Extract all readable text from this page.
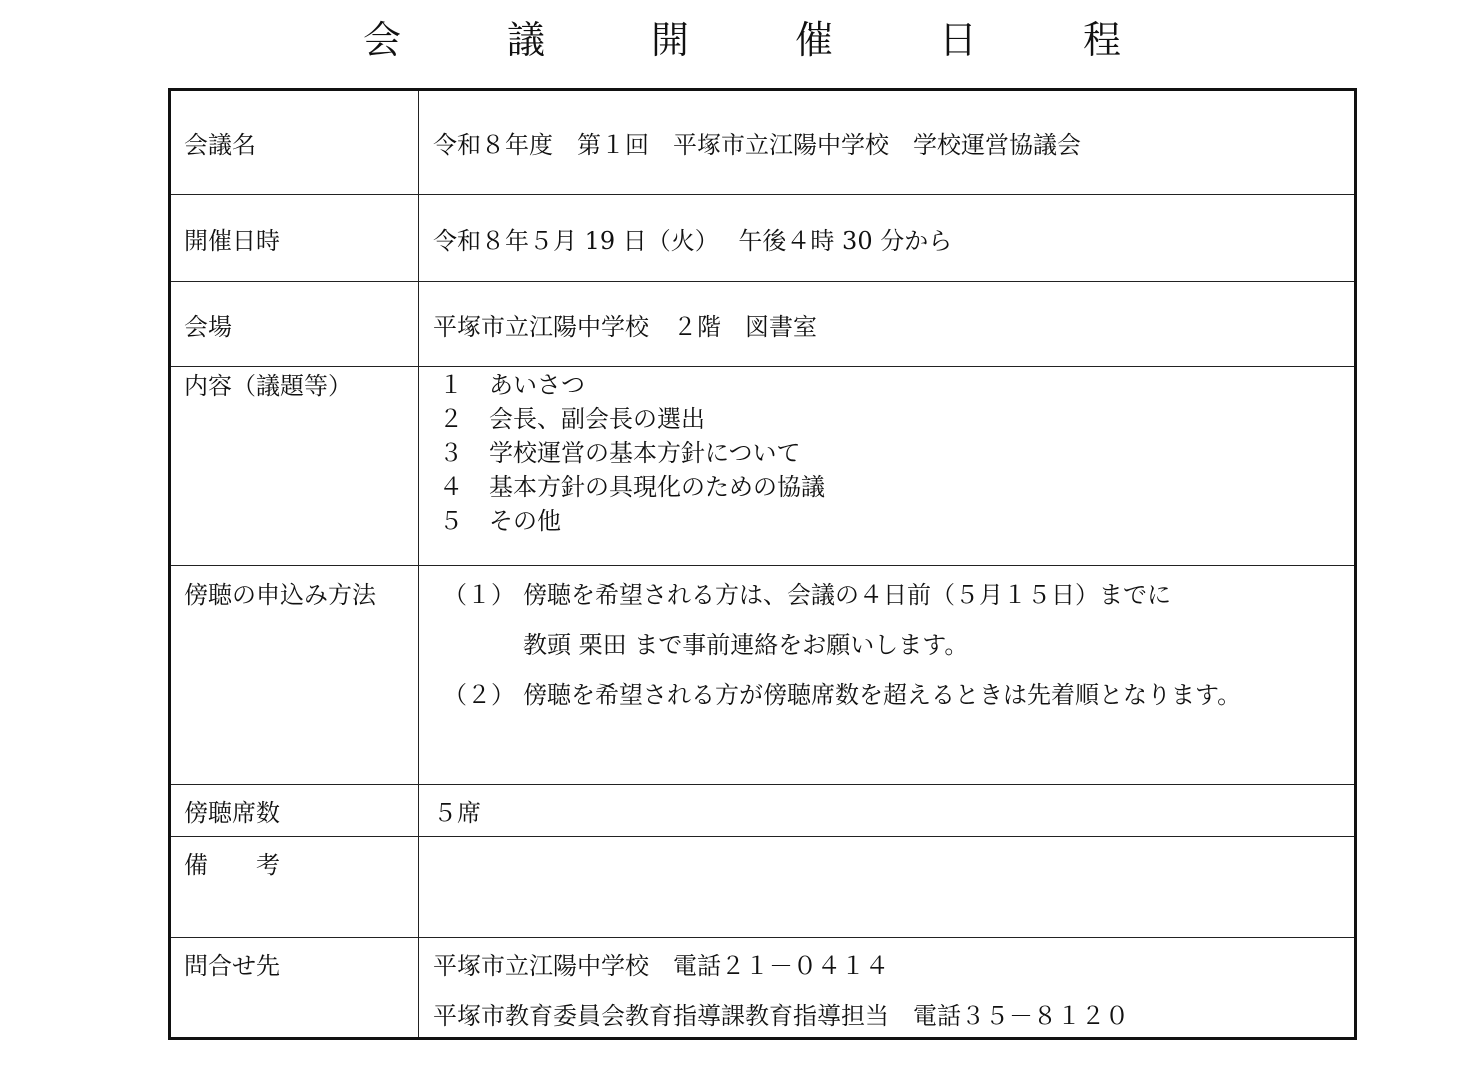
会　議　開　催　日　程
会議名	令和８年度　第１回　平塚市立江陽中学校　学校運営協議会
開催日時	令和８年５月 19 日（火）　 午後４時 30 分から
会場	平塚市立江陽中学校　２階　図書室
内容（議題等）	１	あいさつ
２	会長、副会長の選出
３	学校運営の基本方針について
４	基本方針の具現化のための協議
５	その他
傍聴の申込み方法	（１） 傍聴を希望される方は、会議の４日前（５月１５日）までに
教頭 栗田 まで事前連絡をお願いします。
（２） 傍聴を希望される方が傍聴席数を超えるときは先着順となります。
傍聴席数	５席
備　　考
問合せ先	平塚市立江陽中学校　電話２１－０４１４
平塚市教育委員会教育指導課教育指導担当　電話３５－８１２０
